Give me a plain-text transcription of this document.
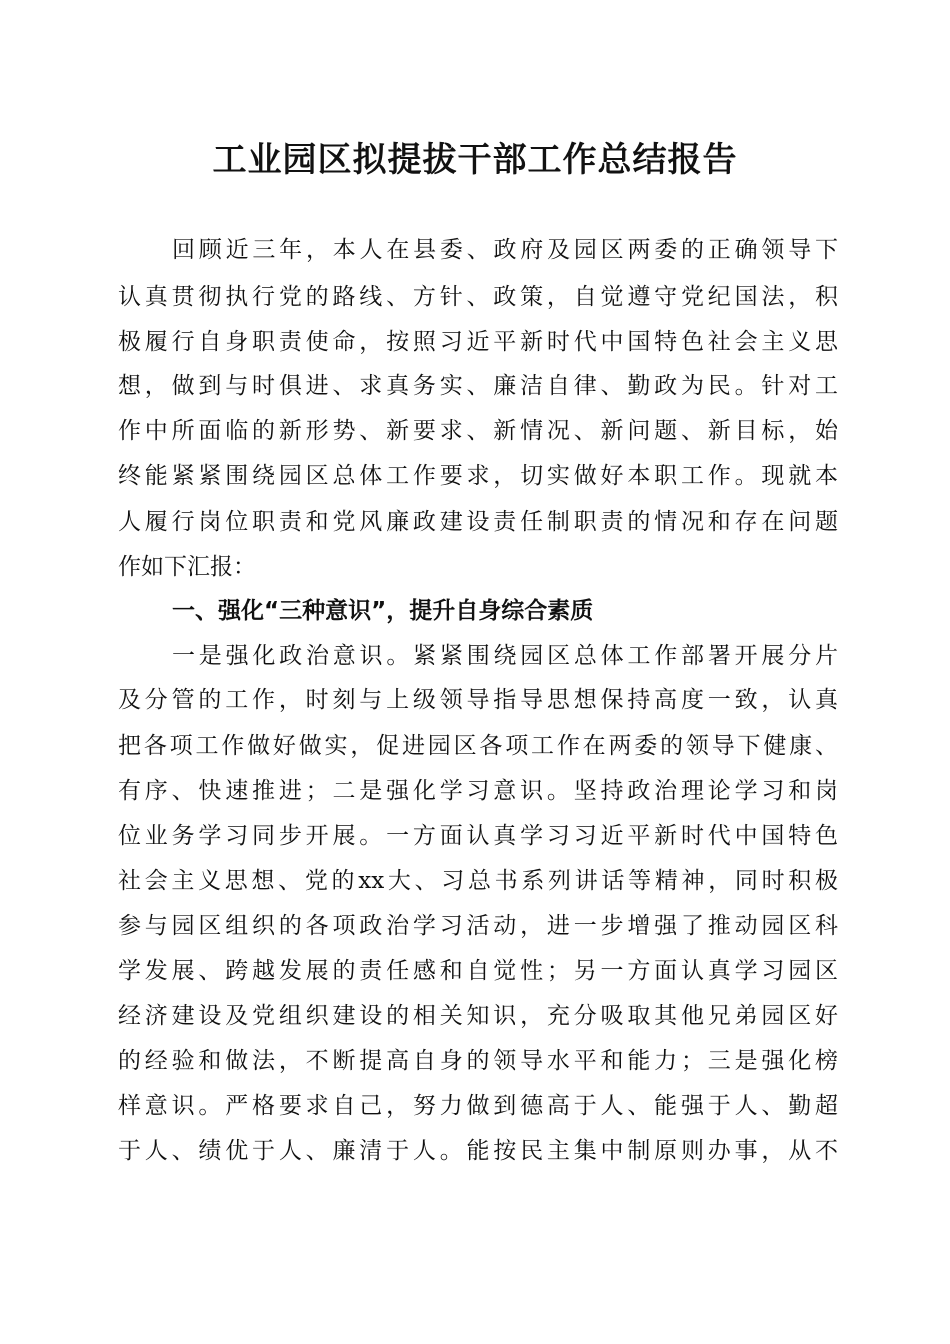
工业园区拟提拔干部工作总结报告
回顾近三年，本人在县委、政府及园区两委的正确领导下
认真贯彻执行党的路线、方针、政策，自觉遵守党纪国法，积
极履行自身职责使命，按照习近平新时代中国特色社会主义思
想，做到与时俱进、求真务实、廉洁自律、勤政为民。针对工
作中所面临的新形势、新要求、新情况、新问题、新目标，始
终能紧紧围绕园区总体工作要求，切实做好本职工作。现就本
人履行岗位职责和党风廉政建设责任制职责的情况和存在问题
作如下汇报：
一、强化“三种意识”，提升自身综合素质
一是强化政治意识。紧紧围绕园区总体工作部署开展分片
及分管的工作，时刻与上级领导指导思想保持高度一致，认真
把各项工作做好做实，促进园区各项工作在两委的领导下健康、
有序、快速推进；二是强化学习意识。坚持政治理论学习和岗
位业务学习同步开展。一方面认真学习习近平新时代中国特色
社会主义思想、党的xx大、习总书系列讲话等精神，同时积极
参与园区组织的各项政治学习活动，进一步增强了推动园区科
学发展、跨越发展的责任感和自觉性；另一方面认真学习园区
经济建设及党组织建设的相关知识，充分吸取其他兄弟园区好
的经验和做法，不断提高自身的领导水平和能力；三是强化榜
样意识。严格要求自己，努力做到德高于人、能强于人、勤超
于人、绩优于人、廉清于人。能按民主集中制原则办事，从不
